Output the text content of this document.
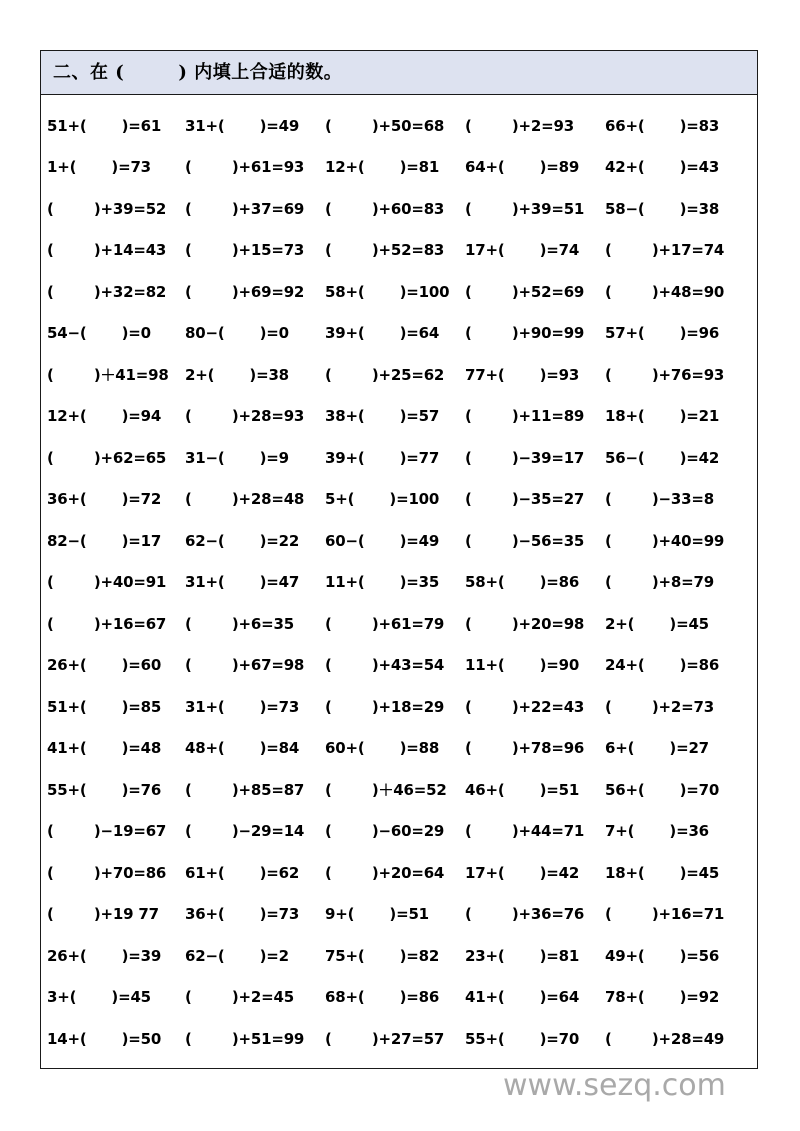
二、在 (        ) 内填上合适的数。
51+(       )=61	31+(       )=49	(        )+50=68	(        )+2=93	66+(       )=83
1+(       )=73	(        )+61=93	12+(       )=81	64+(       )=89	42+(       )=43
(        )+39=52	(        )+37=69	(        )+60=83	(        )+39=51	58−(       )=38
(        )+14=43	(        )+15=73	(        )+52=83	17+(       )=74	(        )+17=74
(        )+32=82	(        )+69=92	58+(       )=100	(        )+52=69	(        )+48=90
54−(       )=0	80−(       )=0	39+(       )=64	(        )+90=99	57+(       )=96
(        )＋41=98	2+(       )=38	(        )+25=62	77+(       )=93	(        )+76=93
12+(       )=94	(        )+28=93	38+(       )=57	(        )+11=89	18+(       )=21
(        )+62=65	31−(       )=9	39+(       )=77	(        )−39=17	56−(       )=42
36+(       )=72	(        )+28=48	5+(       )=100	(        )−35=27	(        )−33=8
82−(       )=17	62−(       )=22	60−(       )=49	(        )−56=35	(        )+40=99
(        )+40=91	31+(       )=47	11+(       )=35	58+(       )=86	(        )+8=79
(        )+16=67	(        )+6=35	(        )+61=79	(        )+20=98	2+(       )=45
26+(       )=60	(        )+67=98	(        )+43=54	11+(       )=90	24+(       )=86
51+(       )=85	31+(       )=73	(        )+18=29	(        )+22=43	(        )+2=73
41+(       )=48	48+(       )=84	60+(       )=88	(        )+78=96	6+(       )=27
55+(       )=76	(        )+85=87	(        )＋46=52	46+(       )=51	56+(       )=70
(        )−19=67	(        )−29=14	(        )−60=29	(        )+44=71	7+(       )=36
(        )+70=86	61+(       )=62	(        )+20=64	17+(       )=42	18+(       )=45
(        )+19 77	36+(       )=73	9+(       )=51	(        )+36=76	(        )+16=71
26+(       )=39	62−(       )=2	75+(       )=82	23+(       )=81	49+(       )=56
3+(       )=45	(        )+2=45	68+(       )=86	41+(       )=64	78+(       )=92
14+(       )=50	(        )+51=99	(        )+27=57	55+(       )=70	(        )+28=49
www.sezq.com
